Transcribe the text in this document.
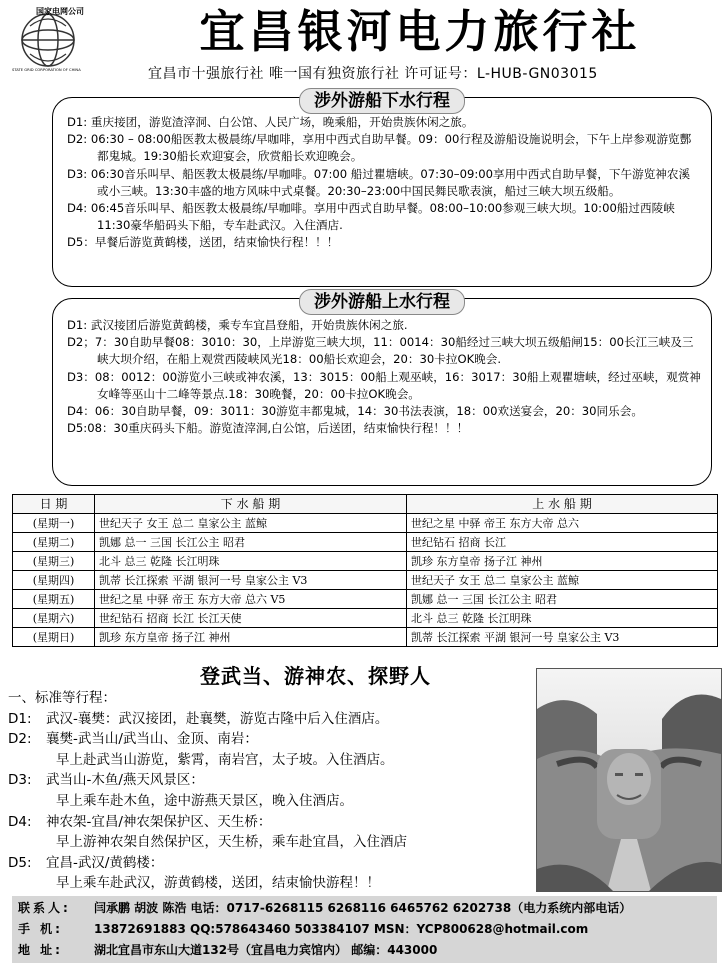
国家电网公司
STATE GRID CORPORATION OF CHINA
宜昌银河电力旅行社
宜昌市十强旅行社 唯一国有独资旅行社 许可证号：L-HUB-GN03015
涉外游船下水行程

D1: 重庆接团，游览渣滓洞、白公馆、人民广场，晚乘船，开始贵族休闲之旅。

D2: 06:30 – 08:00船医教太极晨练/早咖啡，享用中西式自助早餐。09：00行程及游船设施说明会，下午上岸参观游览酆都鬼城。19:30船长欢迎宴会，欣赏船长欢迎晚会。

D3: 06:30音乐叫早、船医教太极晨练/早咖啡。07:00 船过瞿塘峡。07:30–09:00享用中西式自助早餐，下午游览神农溪或小三峡。13:30丰盛的地方风味中式桌餐。20:30–23:00中国民舞民歌表演，船过三峡大坝五级船。

D4: 06:45音乐叫早、船医教太极晨练/早咖啡。享用中西式自助早餐。08:00–10:00参观三峡大坝。10:00船过西陵峡11:30豪华船码头下船，专车赴武汉。入住酒店.

D5：早餐后游览黄鹤楼，送团，结束愉快行程！！！

涉外游船上水行程

D1: 武汉接团后游览黄鹤楼，乘专车宜昌登船，开始贵族休闲之旅.

D2；7：30自助早餐08：3010：30，上岸游览三峡大坝，11：0014：30船经过三峡大坝五级船闸15：00长江三峡及三峡大坝介绍，在船上观赏西陵峡风光18：00船长欢迎会，20：30卡拉OK晚会.

D3：08：0012：00游览小三峡或神农溪，13：3015：00船上观巫峡，16：3017：30船上观瞿塘峡，经过巫峡，观赏神女峰等巫山十二峰等景点.18：30晚餐，20：00卡拉OK晚会。

D4：06：30自助早餐，09：3011：30游览丰都鬼城，14：30书法表演，18：00欢送宴会，20：30同乐会。

D5:08：30重庆码头下船。游览渣滓洞,白公馆，后送团，结束愉快行程！！！

日 期	下 水 船 期	上 水 船 期
(星期一)	世纪天子 女王 总二 皇家公主 蓝鲸	世纪之星 中驿 帝王 东方大帝 总六
(星期二)	凯娜 总一 三国 长江公主 昭君	世纪钻石 招商 长江
(星期三)	北斗 总三 乾隆 长江明珠	凯珍 东方皇帝 扬子江 神州
(星期四)	凯蒂 长江探索 平湖 银河一号 皇家公主 V3	世纪天子 女王 总二 皇家公主 蓝鲸
(星期五)	世纪之星 中驿 帝王 东方大帝 总六 V5	凯娜 总一 三国 长江公主 昭君
(星期六)	世纪钻石 招商 长江 长江天使	北斗 总三 乾隆 长江明珠
(星期日)	凯珍 东方皇帝 扬子江 神州	凯蒂 长江探索 平湖 银河一号 皇家公主 V3
登武当、游神农、探野人

一、标准等行程：

D1: 武汉-襄樊：武汉接团，赴襄樊，游览古隆中后入住酒店。

D2: 襄樊-武当山/武当山、金顶、南岩：

早上赴武当山游览，紫霄，南岩宫，太子坡。入住酒店。

D3: 武当山-木鱼/燕天风景区：

早上乘车赴木鱼，途中游燕天景区，晚入住酒店。

D4: 神农架-宜昌/神农架保护区、天生桥：

早上游神农架自然保护区，天生桥，乘车赴宜昌，入住酒店

D5: 宜昌-武汉/黄鹤楼：

早上乘车赴武汉，游黄鹤楼，送团，结束愉快游程！！

联系人: 闫承鹏 胡波 陈浩 电话：0717-6268115 6268116 6465762 6202738（电力系统内部电话）

手 机:	13872691883 QQ:578643460 503384107 MSN：YCP800628@hotmail.com

地 址:	湖北宜昌市东山大道132号（宜昌电力宾馆内） 邮编：443000
